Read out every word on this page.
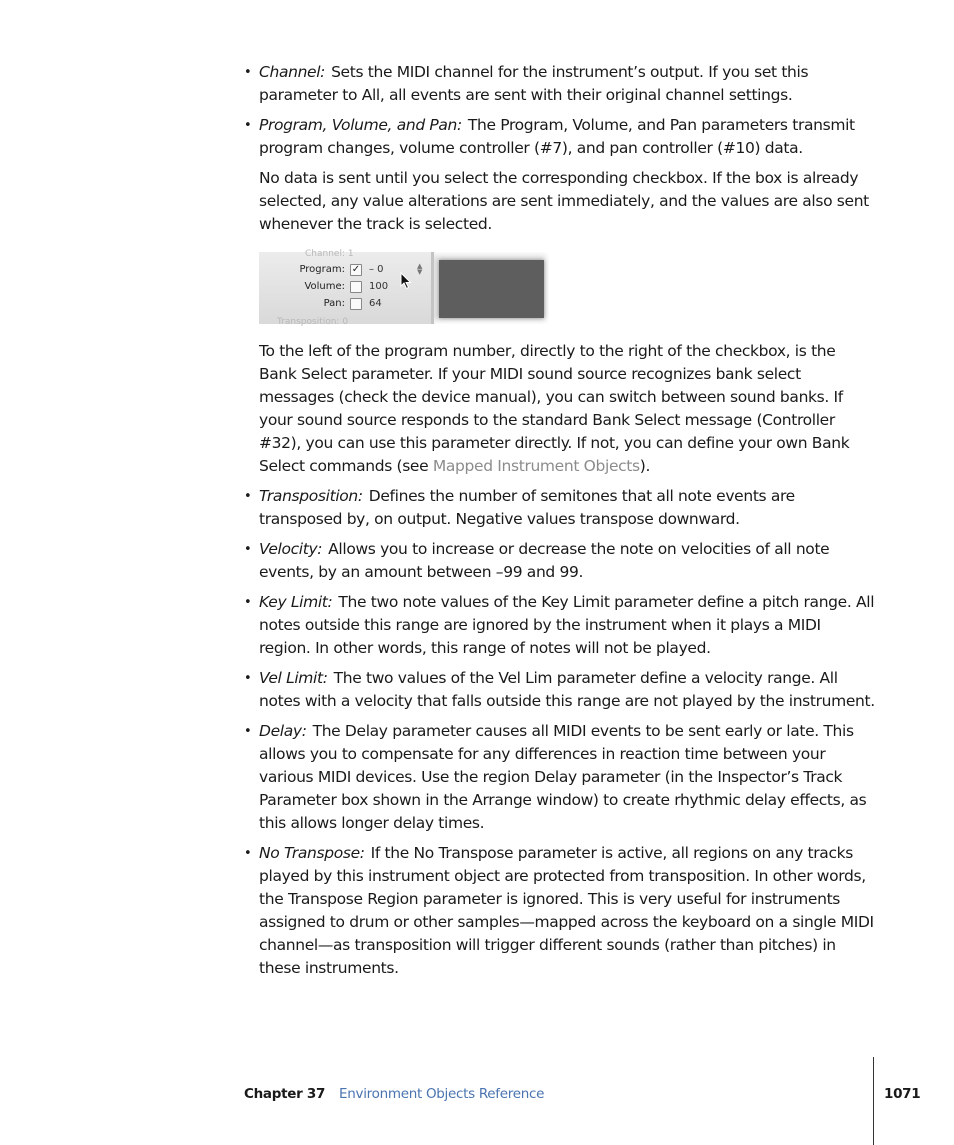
• Channel: Sets the MIDI channel for the instrument’s output. If you set this parameter to All, all events are sent with their original channel settings.
• Program, Volume, and Pan: The Program, Volume, and Pan parameters transmit program changes, volume controller (#7), and pan controller (#10) data.

No data is sent until you select the corresponding checkbox. If the box is already selected, any value alterations are sent immediately, and the values are also sent whenever the track is selected.

Channel: 1
Program: ✓ – 0	▲
▼
Volume: 100
Pan: 64
Transposition: 0

To the left of the program number, directly to the right of the checkbox, is the Bank Select parameter. If your MIDI sound source recognizes bank select messages (check the device manual), you can switch between sound banks. If your sound source responds to the standard Bank Select message (Controller #32), you can use this parameter directly. If not, you can define your own Bank Select commands (see Mapped Instrument Objects).

• Transposition: Defines the number of semitones that all note events are transposed by, on output. Negative values transpose downward.
• Velocity: Allows you to increase or decrease the note on velocities of all note events, by an amount between –99 and 99.
• Key Limit: The two note values of the Key Limit parameter define a pitch range. All notes outside this range are ignored by the instrument when it plays a MIDI region. In other words, this range of notes will not be played.
• Vel Limit: The two values of the Vel Lim parameter define a velocity range. All notes with a velocity that falls outside this range are not played by the instrument.
• Delay: The Delay parameter causes all MIDI events to be sent early or late. This allows you to compensate for any differences in reaction time between your various MIDI devices. Use the region Delay parameter (in the Inspector’s Track Parameter box shown in the Arrange window) to create rhythmic delay effects, as this allows longer delay times.
• No Transpose: If the No Transpose parameter is active, all regions on any tracks played by this instrument object are protected from transposition. In other words, the Transpose Region parameter is ignored. This is very useful for instruments assigned to drum or other samples—mapped across the keyboard on a single MIDI channel—as transposition will trigger different sounds (rather than pitches) in these instruments.
Chapter 37 Environment Objects Reference	1071
